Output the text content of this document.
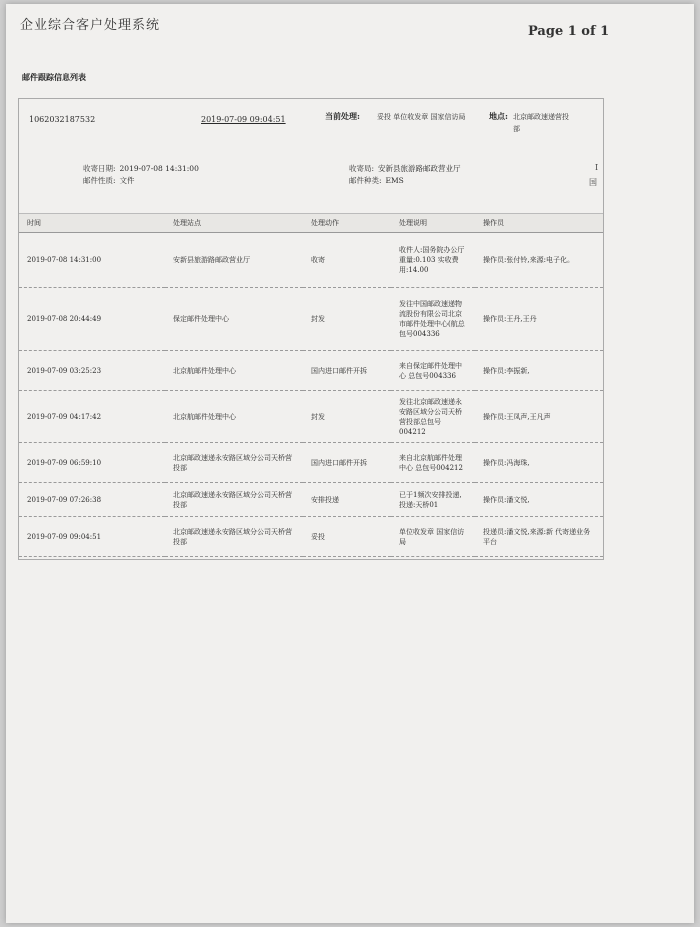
企业综合客户处理系统	Page 1 of 1
邮件跟踪信息列表
1062032187532	2019-07-09 09:04:51	当前处理: 妥投 单位收发章 国家信访局	地点: 北京邮政速递营投部
收寄日期: 2019-07-08 14:31:00
邮件性质: 文件
收寄局: 安新县旅游路邮政营业厅
邮件种类: EMS
I
国
时间	处理站点	处理动作	处理说明	操作员
2019-07-08 14:31:00	安新县旅游路邮政营业厅	收寄	收件人:国务院办公厅 重量:0.103 实收费用:14.00	操作员:张付铃,来源:电子化。
2019-07-08 20:44:49	保定邮件处理中心	封发	发往中国邮政速递物流股份有限公司北京市邮件处理中心(航总包号004336	操作员:王丹,王丹
2019-07-09 03:25:23	北京航邮件处理中心	国内进口邮件开拆	来自保定邮件处理中心 总包号004336	操作员:李振新,
2019-07-09 04:17:42	北京航邮件处理中心	封发	发往北京邮政速递永安路区域分公司天桥营投部总包号004212	操作员:王凤声,王凡声
2019-07-09 06:59:10	北京邮政速递永安路区域分公司天桥营投部	国内进口邮件开拆	来自北京航邮件处理中心 总包号004212	操作员:冯海珠,
2019-07-09 07:26:38	北京邮政速递永安路区域分公司天桥营投部	安排投递	已于1频次安排投递,投递:天桥01	操作员:潘文悦,
2019-07-09 09:04:51	北京邮政速递永安路区域分公司天桥营投部	妥投	单位收发章 国家信访局	投递员:潘文悦,来源:新 代寄递业务平台
